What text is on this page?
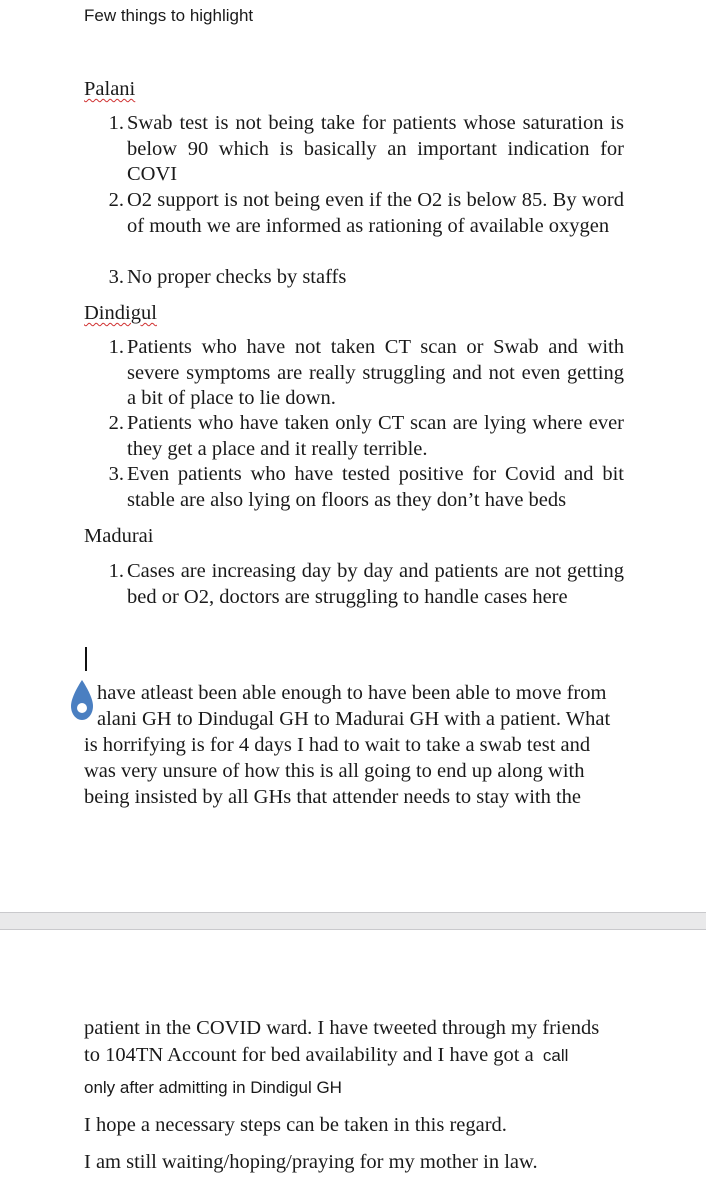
Few things to highlight
Palani
1. Swab test is not being take for patients whose saturation is below 90 which is basically an important indication for COVI
2. O2 support is not being even if the O2 is below 85. By word of mouth we are informed as rationing of available oxygen
3. No proper checks by staffs
Dindigul
1. Patients who have not taken CT scan or Swab and with severe symptoms are really struggling and not even getting a bit of place to lie down.
2. Patients who have taken only CT scan are lying where ever they get a place and it really terrible.
3. Even patients who have tested positive for Covid and bit stable are also lying on floors as they don’t have beds
Madurai
1. Cases are increasing day by day and patients are not getting bed or O2, doctors are struggling to handle cases here
have atleast been able enough to have been able to move from
alani GH to Dindugal GH to Madurai GH with a patient. What
is horrifying is for 4 days I had to wait to take a swab test and
was very unsure of how this is all going to end up along with
being insisted by all GHs that attender needs to stay with the
patient in the COVID ward. I have tweeted through my friends
to 104TN Account for bed availability and I have got a call
only after admitting in Dindigul GH
I hope a necessary steps can be taken in this regard.
I am still waiting/hoping/praying for my mother in law.
